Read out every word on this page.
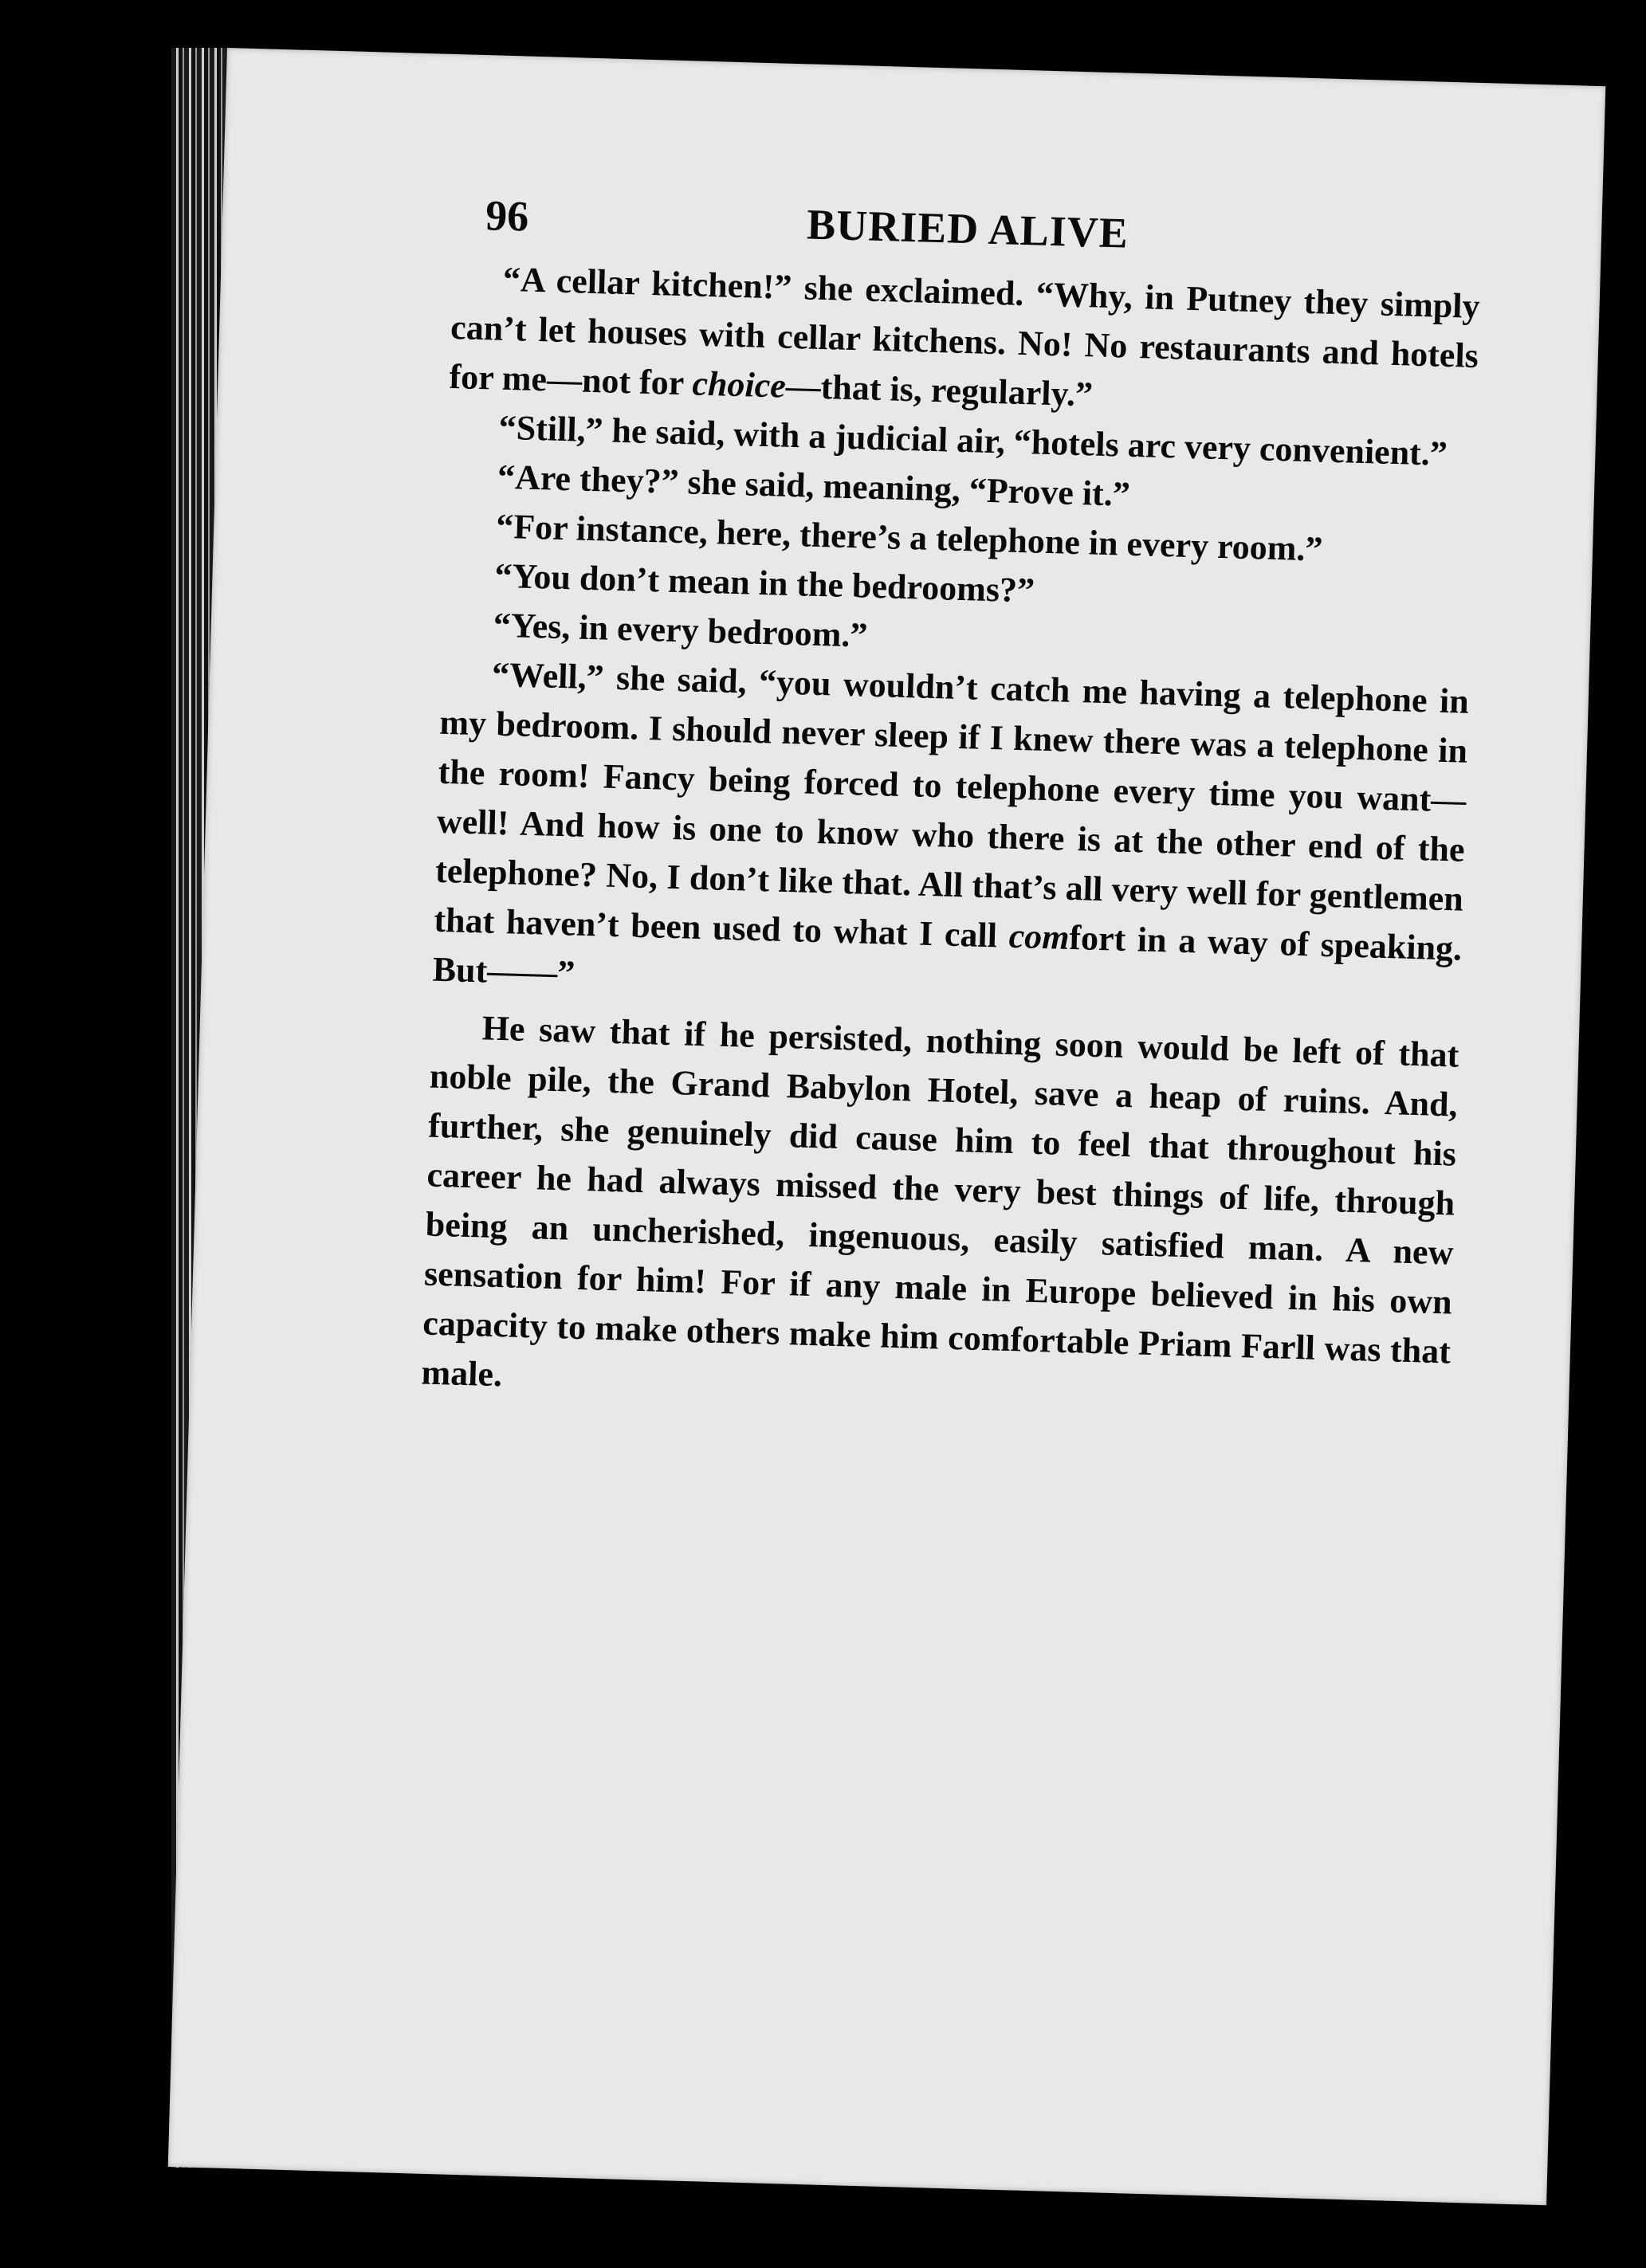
96	BURIED ALIVE

“A cellar kitchen!” she exclaimed. “Why, in Putney they simply can’t let houses with cellar kitchens. No! No restaurants and hotels for me—not for choice—that is, regularly.”

“Still,” he said, with a judicial air, “hotels arc very convenient.”

“Are they?” she said, meaning, “Prove it.”

“For instance, here, there’s a telephone in every room.”

“You don’t mean in the bedrooms?”

“Yes, in every bedroom.”

“Well,” she said, “you wouldn’t catch me having a telephone in my bedroom. I should never sleep if I knew there was a telephone in the room! Fancy being forced to telephone every time you want—well! And how is one to know who there is at the other end of the telephone? No, I don’t like that. All that’s all very well for gentlemen that haven’t been used to what I call comfort in a way of speaking. But——”

He saw that if he persisted, nothing soon would be left of that noble pile, the Grand Babylon Hotel, save a heap of ruins. And, further, she genuinely did cause him to feel that throughout his career he had always missed the very best things of life, through being an uncherished, ingenuous, easily satisfied man. A new sensation for him! For if any male in Europe believed in his own capacity to make others make him comfortable Priam Farll was that male.
